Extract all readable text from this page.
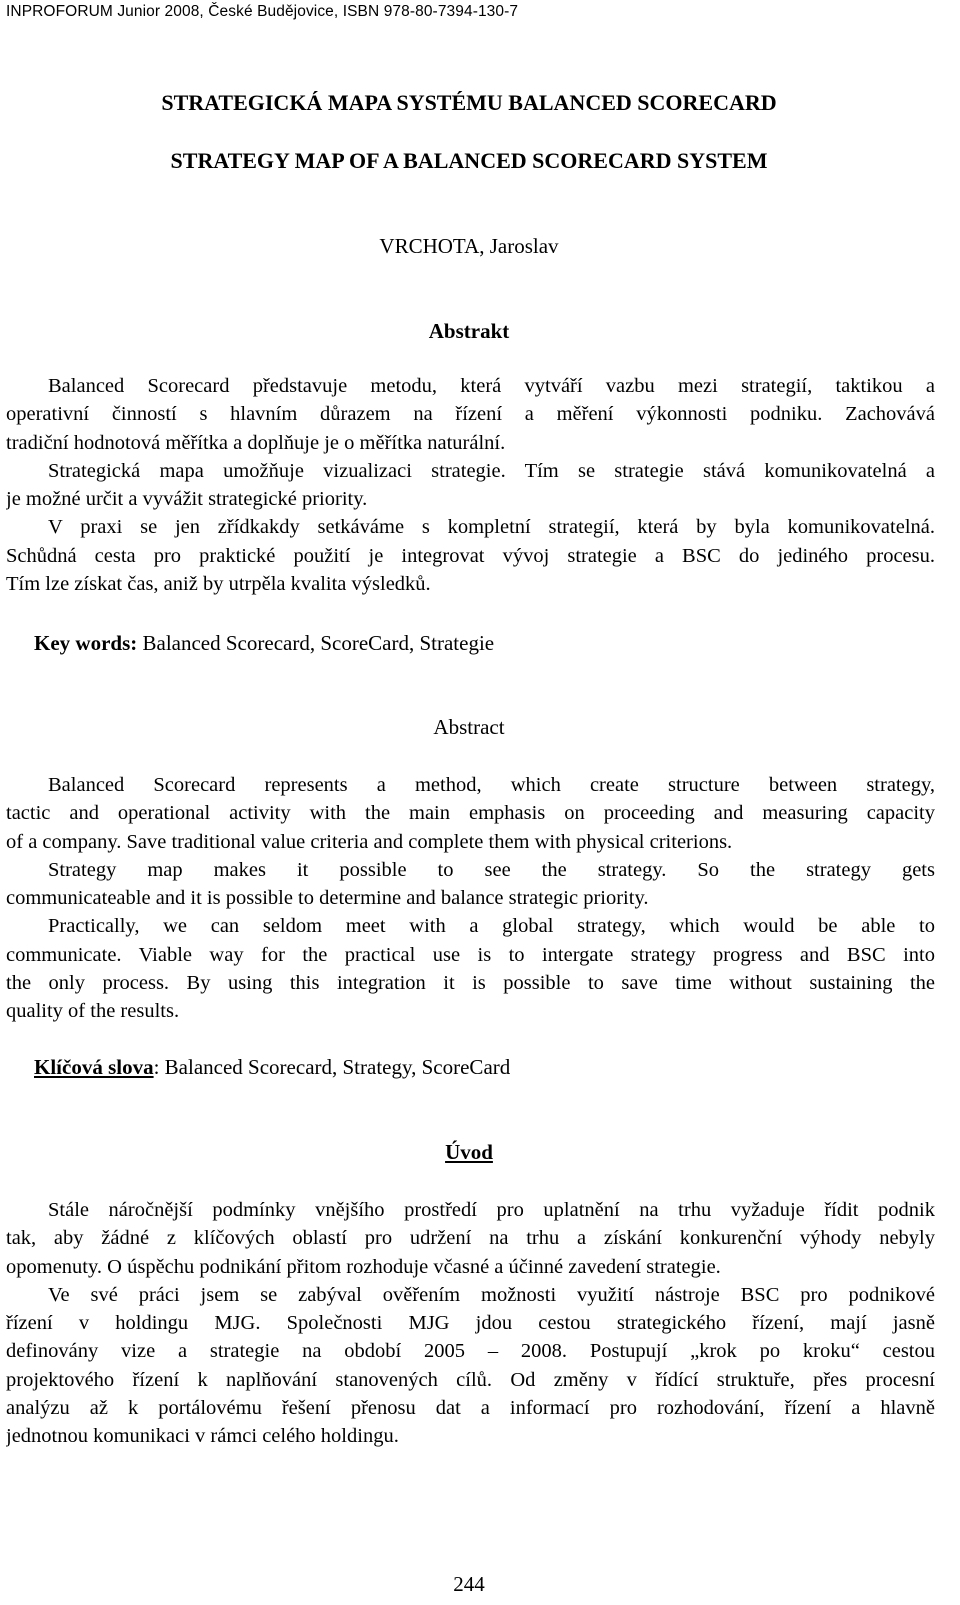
INPROFORUM Junior 2008, České Budějovice, ISBN 978-80-7394-130-7
STRATEGICKÁ MAPA SYSTÉMU BALANCED SCORECARD
STRATEGY MAP OF A BALANCED SCORECARD SYSTEM
VRCHOTA, Jaroslav
Abstrakt
Balanced Scorecard představuje metodu, která vytváří vazbu mezi strategií, taktikou a
operativní činností s hlavním důrazem na řízení a měření výkonnosti podniku. Zachovává
tradiční hodnotová měřítka a doplňuje je o měřítka naturální.
Strategická mapa umožňuje vizualizaci strategie. Tím se strategie stává komunikovatelná a
je možné určit a vyvážit strategické priority.
V praxi se jen zřídkakdy setkáváme s kompletní strategií, která by byla komunikovatelná.
Schůdná cesta pro praktické použití je integrovat vývoj strategie a BSC do jediného procesu.
Tím lze získat čas, aniž by utrpěla kvalita výsledků.
Key words: Balanced Scorecard, ScoreCard, Strategie
Abstract
Balanced Scorecard represents a method, which create structure between strategy,
tactic and operational activity with the main emphasis on proceeding and measuring capacity
of a company. Save traditional value criteria and complete them with physical criterions.
Strategy map makes it possible to see the strategy. So the strategy gets
communicateable and it is possible to determine and balance strategic priority.
Practically, we can seldom meet with a global strategy, which would be able to
communicate. Viable way for the practical use is to intergate strategy progress and BSC into
the only process. By using this integration it is possible to save time without sustaining the
quality of the results.
Klíčová slova: Balanced Scorecard, Strategy, ScoreCard
Úvod
Stále náročnější podmínky vnějšího prostředí pro uplatnění na trhu vyžaduje řídit podnik
tak, aby žádné z klíčových oblastí pro udržení na trhu a získání konkurenční výhody nebyly
opomenuty. O úspěchu podnikání přitom rozhoduje včasné a účinné zavedení strategie.
Ve své práci jsem se zabýval ověřením možnosti využití nástroje BSC pro podnikové
řízení v holdingu MJG. Společnosti MJG jdou cestou strategického řízení, mají jasně
definovány vize a strategie na období 2005 – 2008. Postupují „krok po kroku“ cestou
projektového řízení k naplňování stanovených cílů. Od změny v řídící struktuře, přes procesní
analýzu až k portálovému řešení přenosu dat a informací pro rozhodování, řízení a hlavně
jednotnou komunikaci v rámci celého holdingu.
244
